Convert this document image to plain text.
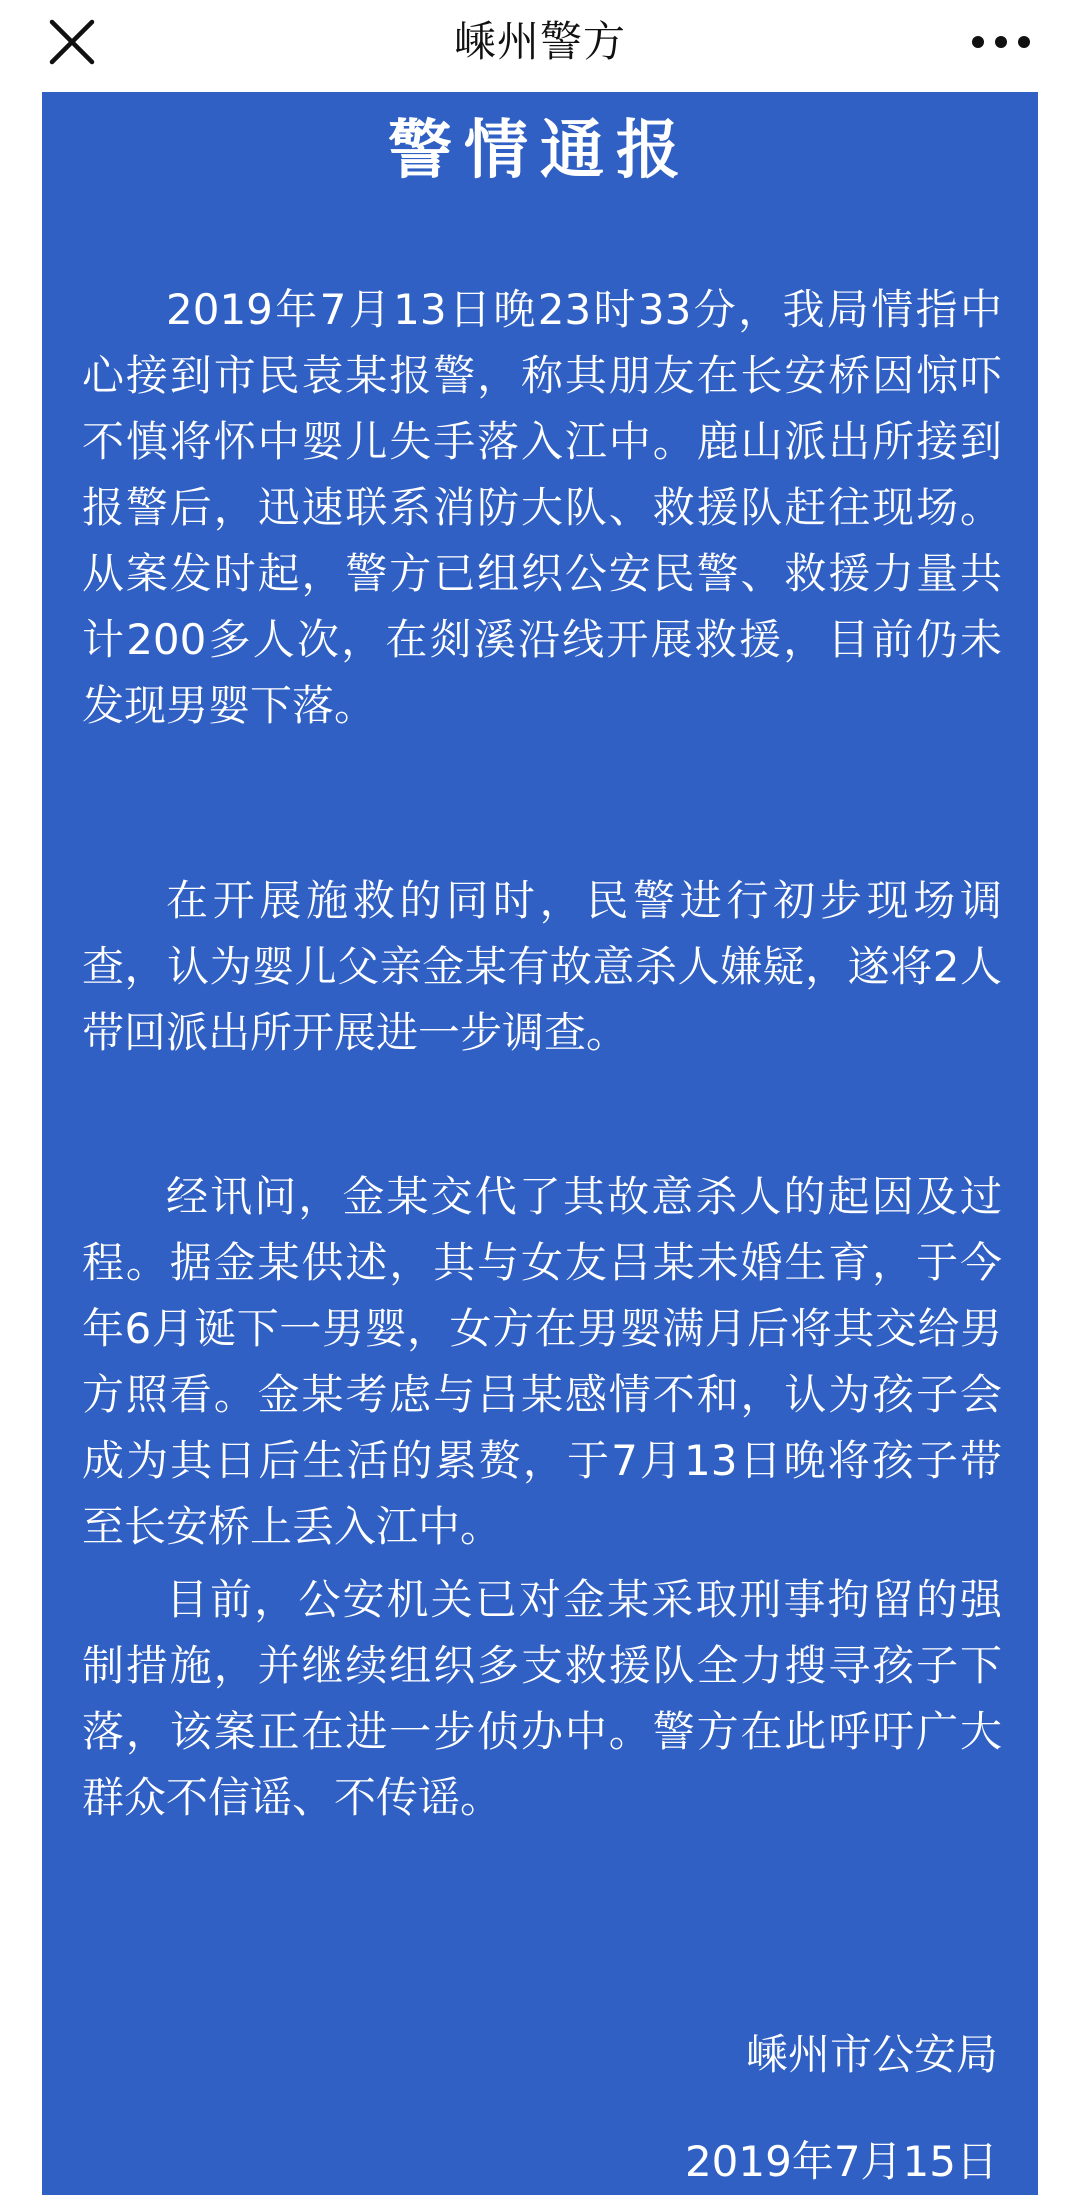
嵊州警方
警情通报

2019年7月13日晚23时33分，我局情指中心接到市民袁某报警，称其朋友在长安桥因惊吓不慎将怀中婴儿失手落入江中。鹿山派出所接到报警后，迅速联系消防大队、救援队赶往现场。从案发时起，警方已组织公安民警、救援力量共计200多人次，在剡溪沿线开展救援，目前仍未发现男婴下落。

在开展施救的同时，民警进行初步现场调查，认为婴儿父亲金某有故意杀人嫌疑，遂将2人带回派出所开展进一步调查。

经讯问，金某交代了其故意杀人的起因及过程。据金某供述，其与女友吕某未婚生育，于今年6月诞下一男婴，女方在男婴满月后将其交给男方照看。金某考虑与吕某感情不和，认为孩子会成为其日后生活的累赘，于7月13日晚将孩子带至长安桥上丢入江中。

目前，公安机关已对金某采取刑事拘留的强制措施，并继续组织多支救援队全力搜寻孩子下落，该案正在进一步侦办中。警方在此呼吁广大群众不信谣、不传谣。

嵊州市公安局
2019年7月15日
